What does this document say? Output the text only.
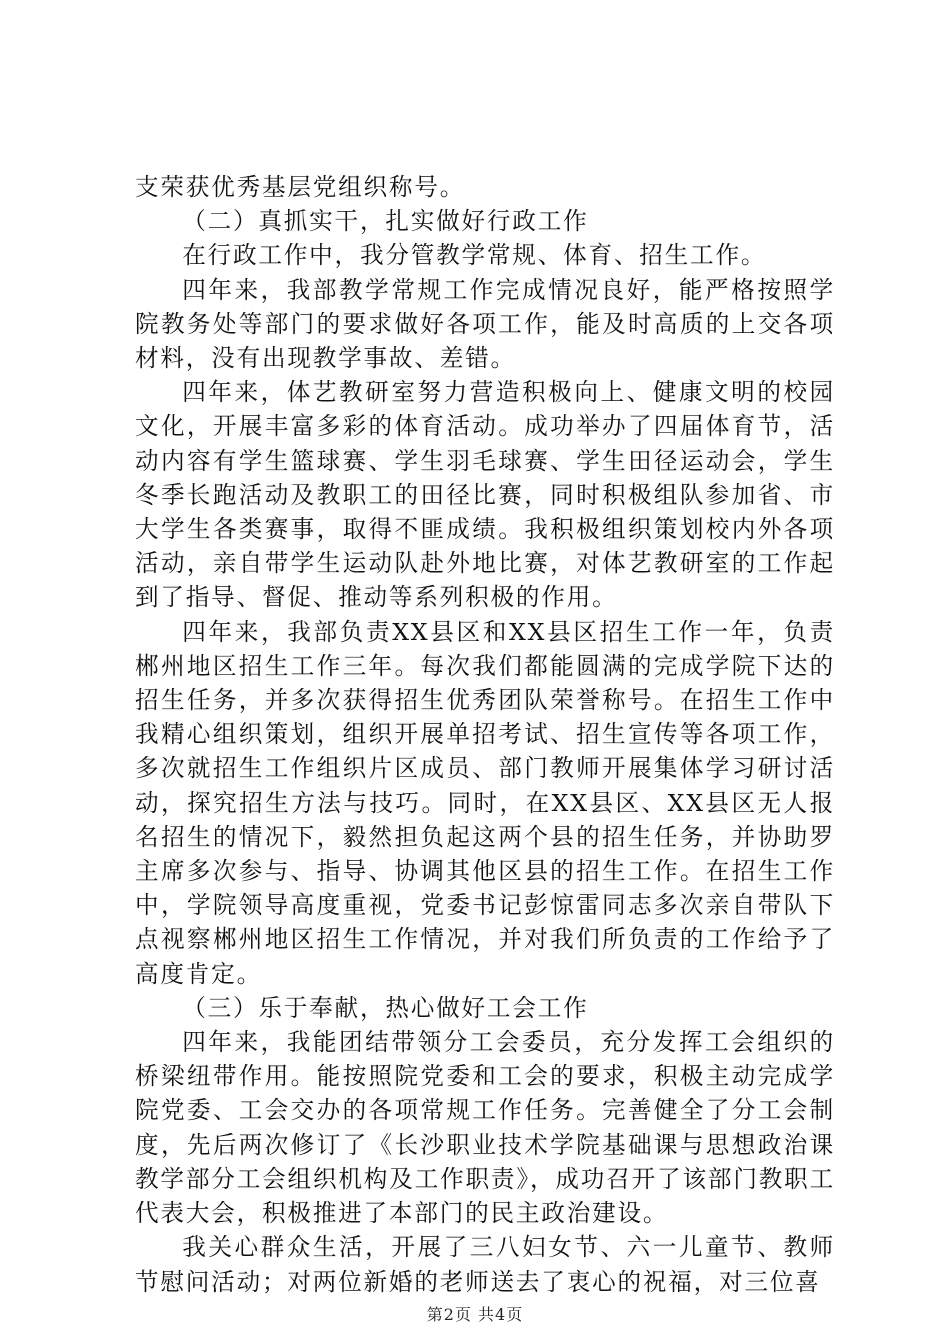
支荣获优秀基层党组织称号。

（二）真抓实干，扎实做好行政工作

在行政工作中，我分管教学常规、体育、招生工作。

四年来，我部教学常规工作完成情况良好，能严格按照学院教务处等部门的要求做好各项工作，能及时高质的上交各项材料，没有出现教学事故、差错。

四年来，体艺教研室努力营造积极向上、健康文明的校园文化，开展丰富多彩的体育活动。成功举办了四届体育节，活动内容有学生篮球赛、学生羽毛球赛、学生田径运动会，学生冬季长跑活动及教职工的田径比赛，同时积极组队参加省、市大学生各类赛事，取得不匪成绩。我积极组织策划校内外各项活动，亲自带学生运动队赴外地比赛，对体艺教研室的工作起到了指导、督促、推动等系列积极的作用。

四年来，我部负责XX县区和XX县区招生工作一年，负责郴州地区招生工作三年。每次我们都能圆满的完成学院下达的招生任务，并多次获得招生优秀团队荣誉称号。在招生工作中我精心组织策划，组织开展单招考试、招生宣传等各项工作，多次就招生工作组织片区成员、部门教师开展集体学习研讨活动，探究招生方法与技巧。同时，在XX县区、XX县区无人报名招生的情况下，毅然担负起这两个县的招生任务，并协助罗主席多次参与、指导、协调其他区县的招生工作。在招生工作中，学院领导高度重视，党委书记彭惊雷同志多次亲自带队下点视察郴州地区招生工作情况，并对我们所负责的工作给予了高度肯定。

（三）乐于奉献，热心做好工会工作

四年来，我能团结带领分工会委员，充分发挥工会组织的桥梁纽带作用。能按照院党委和工会的要求，积极主动完成学院党委、工会交办的各项常规工作任务。完善健全了分工会制度，先后两次修订了《长沙职业技术学院基础课与思想政治课教学部分工会组织机构及工作职责》，成功召开了该部门教职工代表大会，积极推进了本部门的民主政治建设。

我关心群众生活，开展了三八妇女节、六一儿童节、教师节慰问活动；对两位新婚的老师送去了衷心的祝福，对三位喜

第2页 共4页
